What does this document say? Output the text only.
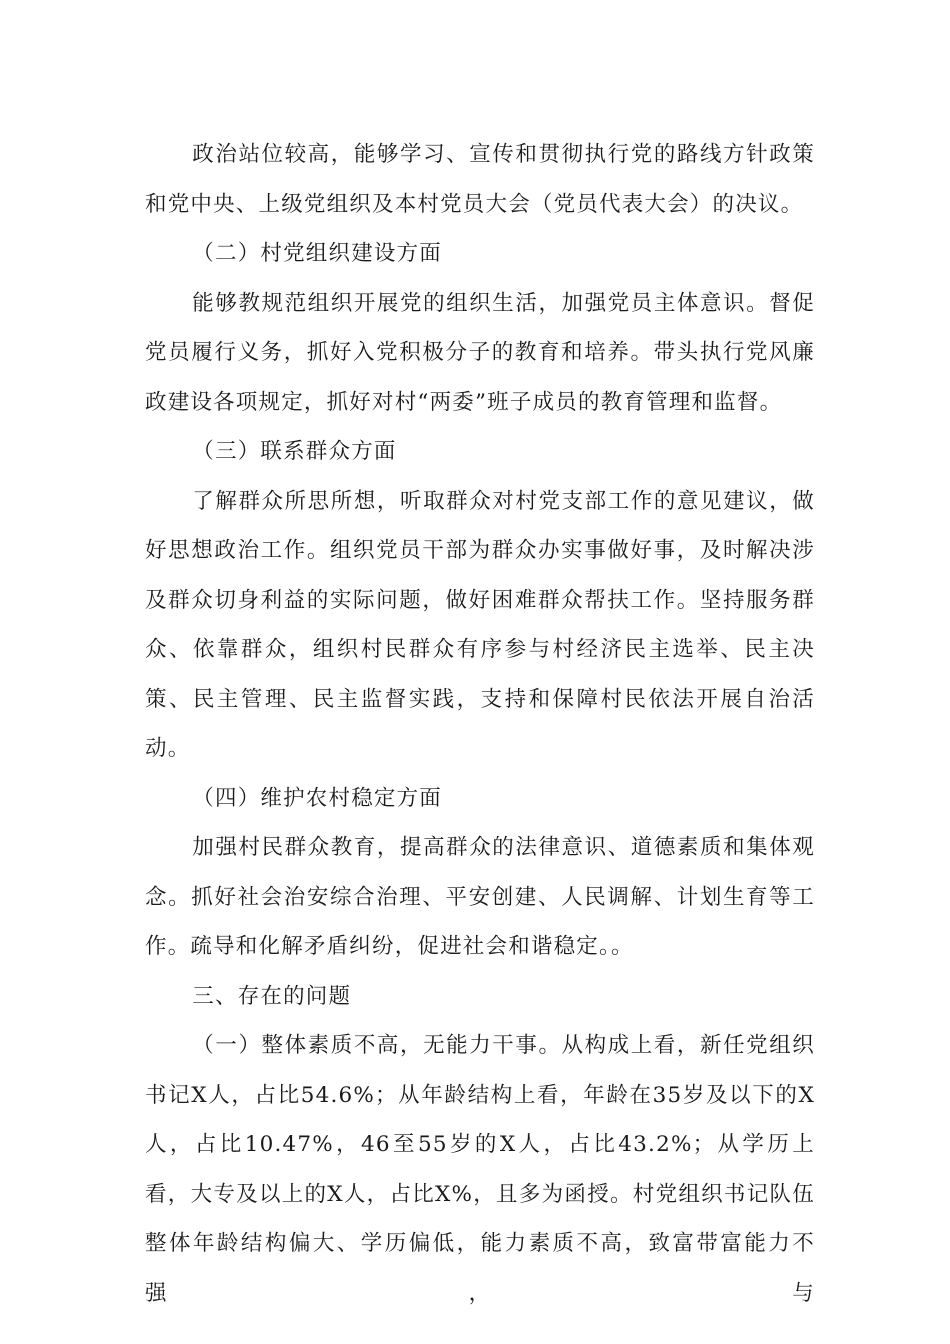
政治站位较高，能够学习、宣传和贯彻执行党的路线方针政策和党中央、上级党组织及本村党员大会（党员代表大会）的决议。

（二）村党组织建设方面

能够教规范组织开展党的组织生活，加强党员主体意识。督促党员履行义务，抓好入党积极分子的教育和培养。带头执行党风廉政建设各项规定，抓好对村“两委”班子成员的教育管理和监督。

（三）联系群众方面

了解群众所思所想，听取群众对村党支部工作的意见建议，做好思想政治工作。组织党员干部为群众办实事做好事，及时解决涉及群众切身利益的实际问题，做好困难群众帮扶工作。坚持服务群众、依靠群众，组织村民群众有序参与村经济民主选举、民主决策、民主管理、民主监督实践，支持和保障村民依法开展自治活动。

（四）维护农村稳定方面

加强村民群众教育，提高群众的法律意识、道德素质和集体观念。抓好社会治安综合治理、平安创建、人民调解、计划生育等工作。疏导和化解矛盾纠纷，促进社会和谐稳定。。

三、存在的问题

（一）整体素质不高，无能力干事。从构成上看，新任党组织书记X人，占比54.6%；从年龄结构上看，年龄在35岁及以下的X人，占比10.47%，46至55岁的X人，占比43.2%；从学历上看，大专及以上的X人，占比X%，且多为函授。村党组织书记队伍整体年龄结构偏大、学历偏低，能力素质不高，致富带富能力不强，与
